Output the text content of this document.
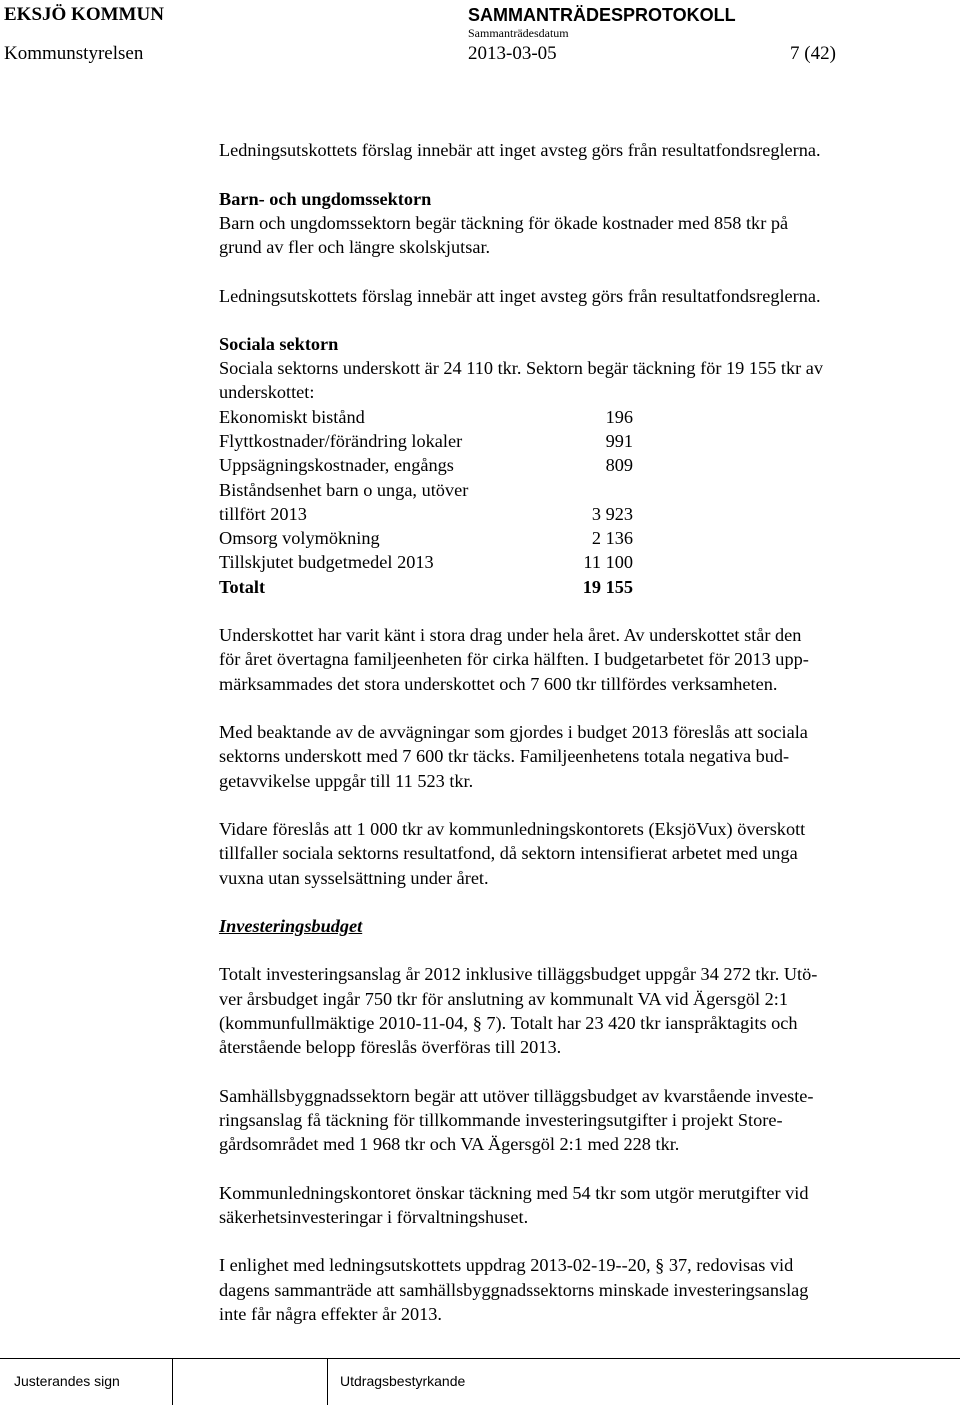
EKSJÖ KOMMUN	SAMMANTRÄDESPROTOKOLL
Sammanträdesdatum
Kommunstyrelsen	2013-03-05	7 (42)
Ledningsutskottets förslag innebär att inget avsteg görs från resultatfondsreglerna.
Barn- och ungdomssektorn
Barn och ungdomssektorn begär täckning för ökade kostnader med 858 tkr på
grund av fler och längre skolskjutsar.
Ledningsutskottets förslag innebär att inget avsteg görs från resultatfondsreglerna.
Sociala sektorn
Sociala sektorns underskott är 24 110 tkr. Sektorn begär täckning för 19 155 tkr av
underskottet:
Ekonomiskt bistånd	196
Flyttkostnader/förändring lokaler	991
Uppsägningskostnader, engångs	809
Biståndsenhet barn o unga, utöver
tillfört 2013	3 923
Omsorg volymökning	2 136
Tillskjutet budgetmedel 2013	11 100
Totalt	19 155
Underskottet har varit känt i stora drag under hela året. Av underskottet står den
för året övertagna familjeenheten för cirka hälften. I budgetarbetet för 2013 upp-
märksammades det stora underskottet och 7 600 tkr tillfördes verksamheten.
Med beaktande av de avvägningar som gjordes i budget 2013 föreslås att sociala
sektorns underskott med 7 600 tkr täcks. Familjeenhetens totala negativa bud-
getavvikelse uppgår till 11 523 tkr.
Vidare föreslås att 1 000 tkr av kommunledningskontorets (EksjöVux) överskott
tillfaller sociala sektorns resultatfond, då sektorn intensifierat arbetet med unga
vuxna utan sysselsättning under året.
Investeringsbudget
Totalt investeringsanslag år 2012 inklusive tilläggsbudget uppgår 34 272 tkr. Utö-
ver årsbudget ingår 750 tkr för anslutning av kommunalt VA vid Ägersgöl 2:1
(kommunfullmäktige 2010-11-04, § 7). Totalt har 23 420 tkr ianspråktagits och
återstående belopp föreslås överföras till 2013.
Samhällsbyggnadssektorn begär att utöver tilläggsbudget av kvarstående investe-
ringsanslag få täckning för tillkommande investeringsutgifter i projekt Store-
gårdsområdet med 1 968 tkr och VA Ägersgöl 2:1 med 228 tkr.
Kommunledningskontoret önskar täckning med 54 tkr som utgör merutgifter vid
säkerhetsinvesteringar i förvaltningshuset.
I enlighet med ledningsutskottets uppdrag 2013-02-19--20, § 37, redovisas vid
dagens sammanträde att samhällsbyggnadssektorns minskade investeringsanslag
inte får några effekter år 2013.
Justerandes sign	Utdragsbestyrkande
